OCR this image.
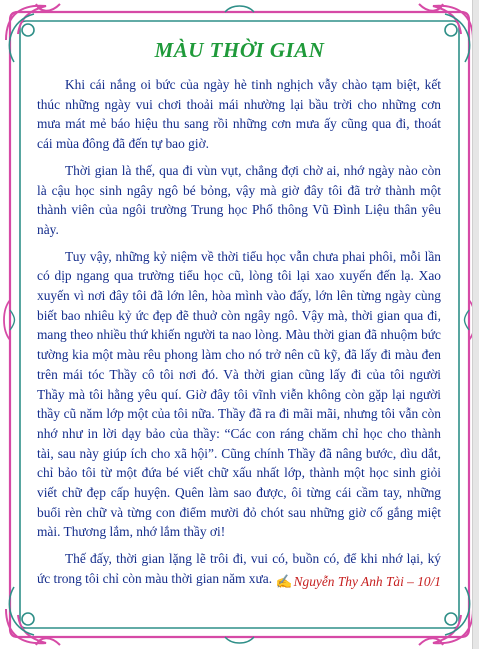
MÀU THỜI GIAN

Khi cái nắng oi bức của ngày hè tinh nghịch vẫy chào tạm biệt, kết thúc những ngày vui chơi thoải mái nhường lại bầu trời cho những cơn mưa mát mẻ báo hiệu thu sang rồi những cơn mưa ấy cũng qua đi, thoát cái mùa đông đã đến tự bao giờ.

Thời gian là thế, qua đi vùn vụt, chẳng đợi chờ ai, nhớ ngày nào còn là cậu học sinh ngây ngô bé bỏng, vậy mà giờ đây tôi đã trở thành một thành viên của ngôi trường Trung học Phổ thông Vũ Đình Liệu thân yêu này.

Tuy vậy, những kỷ niệm về thời tiểu học vẫn chưa phai phôi, mỗi lần có dịp ngang qua trường tiểu học cũ, lòng tôi lại xao xuyến đến lạ. Xao xuyến vì nơi đây tôi đã lớn lên, hòa mình vào đấy, lớn lên từng ngày cùng biết bao nhiêu kỷ ức đẹp đẽ thuở còn ngây ngô. Vậy mà, thời gian qua đi, mang theo nhiều thứ khiến người ta nao lòng. Màu thời gian đã nhuộm bức tường kia một màu rêu phong làm cho nó trở nên cũ kỹ, đã lấy đi màu đen trên mái tóc Thầy cô tôi nơi đó. Và thời gian cũng lấy đi của tôi người Thầy mà tôi hằng yêu quí. Giờ đây tôi vĩnh viễn không còn gặp lại người thầy cũ năm lớp một của tôi nữa. Thầy đã ra đi mãi mãi, nhưng tôi vẫn còn nhớ như in lời dạy bảo của thầy: “Các con ráng chăm chỉ học cho thành tài, sau này giúp ích cho xã hội”. Cũng chính Thầy đã nâng bước, dìu dắt, chỉ bảo tôi từ một đứa bé viết chữ xấu nhất lớp, thành một học sinh giỏi viết chữ đẹp cấp huyện. Quên làm sao được, ôi từng cái cầm tay, những buổi rèn chữ và từng con điểm mười đỏ chót sau những giờ cố gắng miệt mài. Thương lắm, nhớ lắm thầy ơi!

Thế đấy, thời gian lặng lẽ trôi đi, vui có, buồn có, để khi nhớ lại, ký ức trong tôi chỉ còn màu thời gian năm xưa. ✍Nguyễn Thy Anh Tài – 10/1
